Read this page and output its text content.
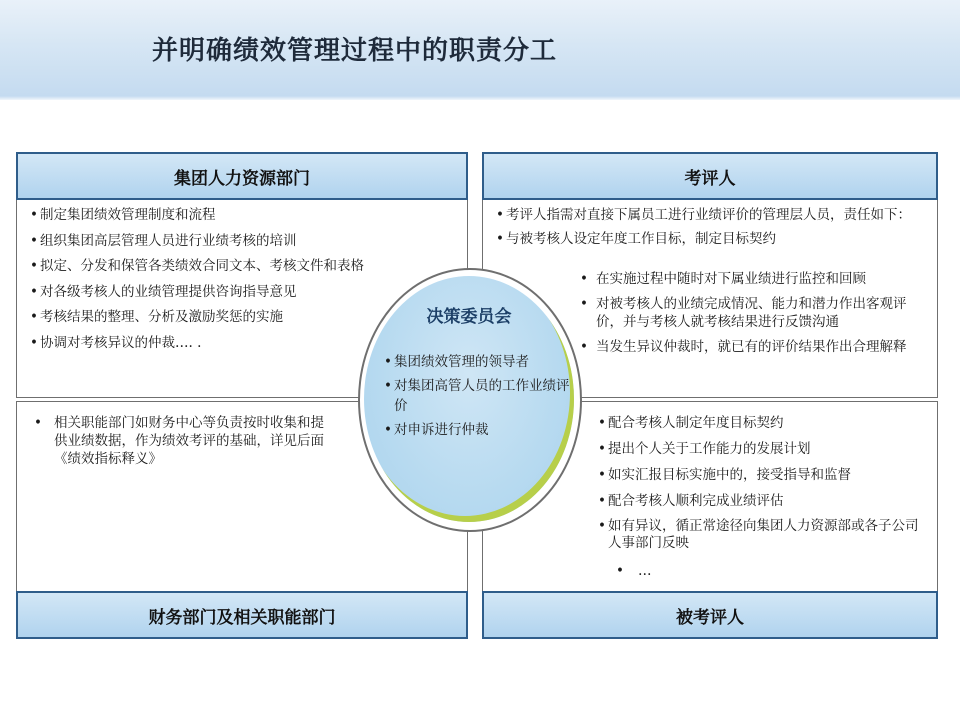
并明确绩效管理过程中的职责分工
集团人力资源部门	考评人
财务部门及相关职能部门	被考评人
• 制定集团绩效管理制度和流程
• 组织集团高层管理人员进行业绩考核的培训
• 拟定、分发和保管各类绩效合同文本、考核文件和表格
• 对各级考核人的业绩管理提供咨询指导意见
• 考核结果的整理、分析及激励奖惩的实施
• 协调对考核异议的仲裁…. .
• 考评人指需对直接下属员工进行业绩评价的管理层人员，责任如下：
• 与被考核人设定年度工作目标，制定目标契约
• 在实施过程中随时对下属业绩进行监控和回顾
• 对被考核人的业绩完成情况、能力和潜力作出客观评价，并与考核人就考核结果进行反馈沟通
• 当发生异议仲裁时，就已有的评价结果作出合理解释
• 相关职能部门如财务中心等负责按时收集和提供业绩数据，作为绩效考评的基础，详见后面《绩效指标释义》
• 配合考核人制定年度目标契约
• 提出个人关于工作能力的发展计划
• 如实汇报目标实施中的，接受指导和监督
• 配合考核人顺利完成业绩评估
• 如有异议，循正常途径向集团人力资源部或各子公司人事部门反映
• …
决策委员会
• 集团绩效管理的领导者
• 对集团高管人员的工作业绩评价
• 对申诉进行仲裁
